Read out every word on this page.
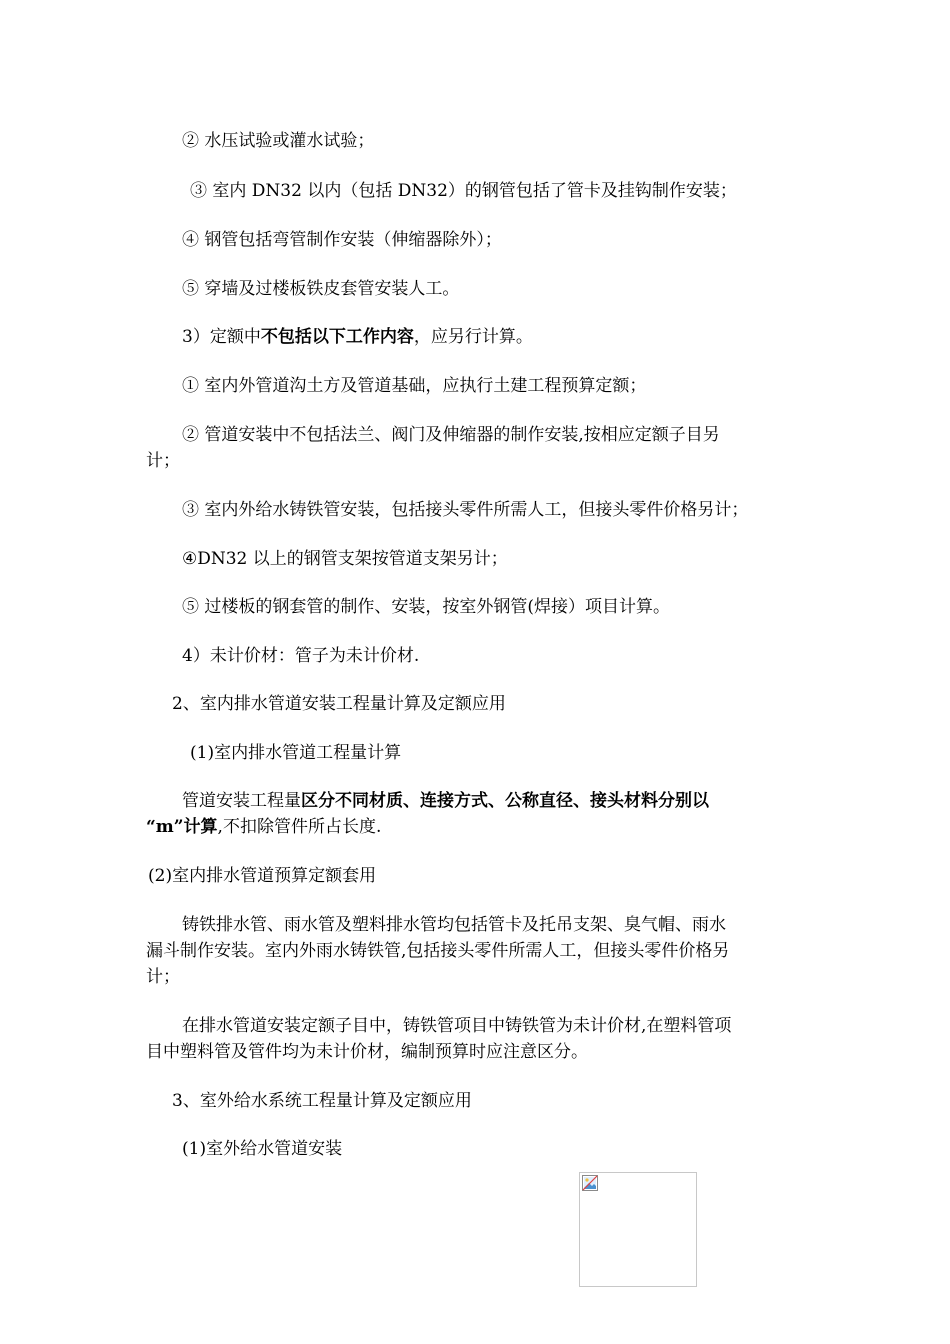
② 水压试验或灌水试验；
③ 室内 DN32 以内（包括 DN32）的钢管包括了管卡及挂钩制作安装；
④ 钢管包括弯管制作安装（伸缩器除外）；
⑤ 穿墙及过楼板铁皮套管安装人工。
3）定额中不包括以下工作内容，应另行计算。
① 室内外管道沟土方及管道基础，应执行土建工程预算定额；
② 管道安装中不包括法兰、阀门及伸缩器的制作安装,按相应定额子目另
计；
③ 室内外给水铸铁管安装，包括接头零件所需人工，但接头零件价格另计；
④DN32 以上的钢管支架按管道支架另计；
⑤ 过楼板的钢套管的制作、安装，按室外钢管(焊接）项目计算。
4）未计价材：管子为未计价材.
2、室内排水管道安装工程量计算及定额应用
(1)室内排水管道工程量计算
管道安装工程量区分不同材质、连接方式、公称直径、接头材料分别以
“m”计算,不扣除管件所占长度.
(2)室内排水管道预算定额套用
铸铁排水管、雨水管及塑料排水管均包括管卡及托吊支架、臭气帽、雨水
漏斗制作安装。室内外雨水铸铁管,包括接头零件所需人工，但接头零件价格另
计；
在排水管道安装定额子目中，铸铁管项目中铸铁管为未计价材,在塑料管项
目中塑料管及管件均为未计价材，编制预算时应注意区分。
3、室外给水系统工程量计算及定额应用
(1)室外给水管道安装
